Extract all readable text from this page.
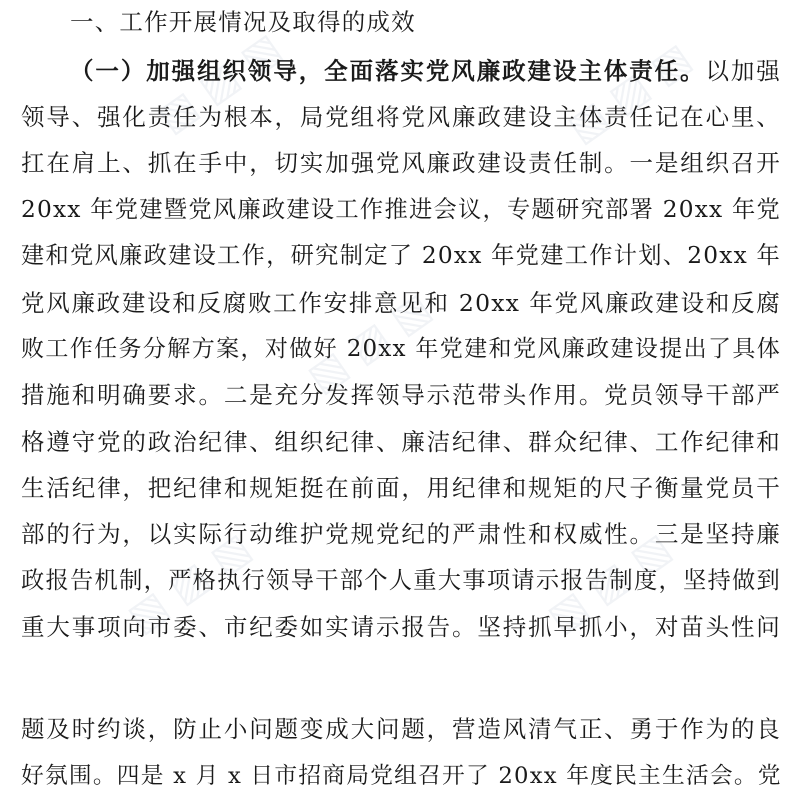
▧ ▨ ▧	▧ ▨ ▧
▧ ▨ ▧
▧ ▨ ▧	▧ ▨ ▧
一、工作开展情况及取得的成效
（一）加强组织领导，全面落实党风廉政建设主体责任。以加强
领导、强化责任为根本，局党组将党风廉政建设主体责任记在心里、
扛在肩上、抓在手中，切实加强党风廉政建设责任制。一是组织召开
20xx 年党建暨党风廉政建设工作推进会议，专题研究部署 20xx 年党
建和党风廉政建设工作，研究制定了 20xx 年党建工作计划、20xx 年
党风廉政建设和反腐败工作安排意见和 20xx 年党风廉政建设和反腐
败工作任务分解方案，对做好 20xx 年党建和党风廉政建设提出了具体
措施和明确要求。二是充分发挥领导示范带头作用。党员领导干部严
格遵守党的政治纪律、组织纪律、廉洁纪律、群众纪律、工作纪律和
生活纪律，把纪律和规矩挺在前面，用纪律和规矩的尺子衡量党员干
部的行为，以实际行动维护党规党纪的严肃性和权威性。三是坚持廉
政报告机制，严格执行领导干部个人重大事项请示报告制度，坚持做到
重大事项向市委、市纪委如实请示报告。坚持抓早抓小，对苗头性问
题及时约谈，防止小问题变成大问题，营造风清气正、勇于作为的良
好氛围。四是 x 月 x 日市招商局党组召开了 20xx 年度民主生活会。党
